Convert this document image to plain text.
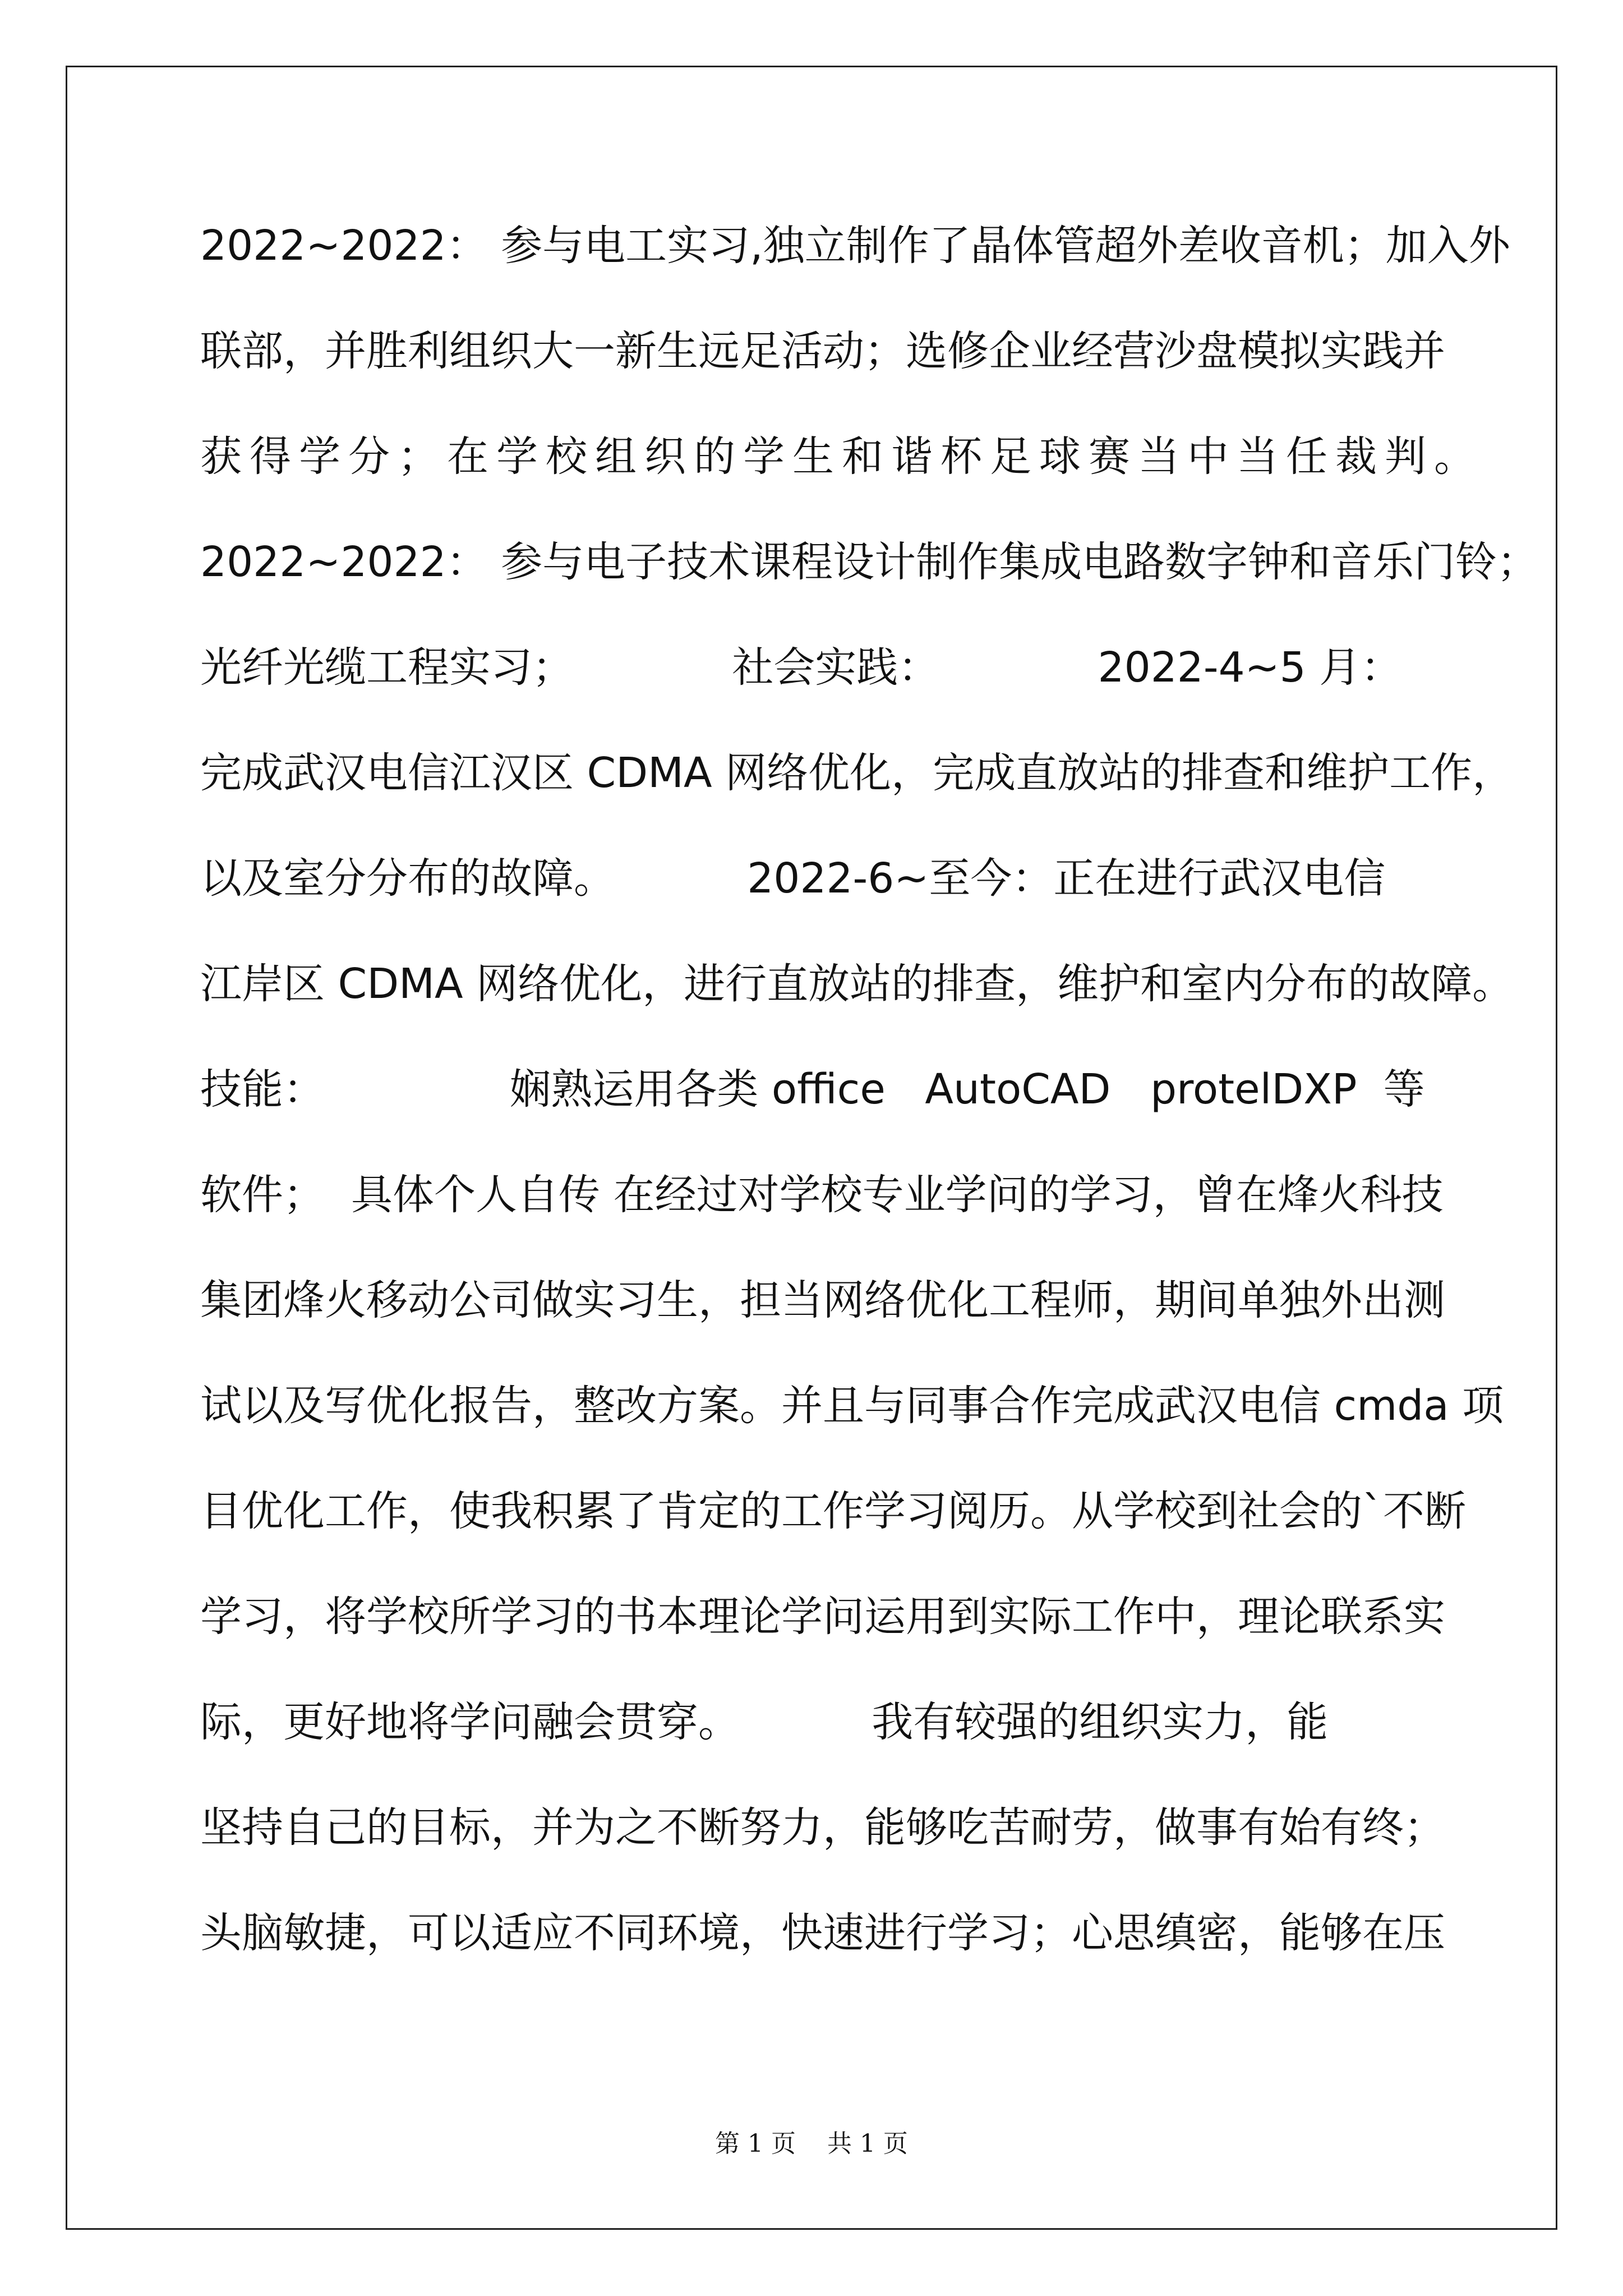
2022~2022： 参与电工实习,独立制作了晶体管超外差收音机；加入外
联部，并胜利组织大一新生远足活动；选修企业经营沙盘模拟实践并
获得学分；在学校组织的学生和谐杯足球赛当中当任裁判。
2022~2022： 参与电子技术课程设计制作集成电路数字钟和音乐门铃；
光纤光缆工程实习；            社会实践：            2022-4~5 月：
完成武汉电信江汉区 CDMA 网络优化，完成直放站的排查和维护工作，
以及室分分布的故障。          2022-6~至今：正在进行武汉电信
江岸区 CDMA 网络优化，进行直放站的排查，维护和室内分布的故障。
技能：              娴熟运用各类 office   AutoCAD   protelDXP  等
软件；  具体个人自传 在经过对学校专业学问的学习，曾在烽火科技
集团烽火移动公司做实习生，担当网络优化工程师，期间单独外出测
试以及写优化报告，整改方案。并且与同事合作完成武汉电信 cmda 项
目优化工作，使我积累了肯定的工作学习阅历。从学校到社会的`不断
学习，将学校所学习的书本理论学问运用到实际工作中，理论联系实
际，更好地将学问融会贯穿。          我有较强的组织实力，能
坚持自己的目标，并为之不断努力，能够吃苦耐劳，做事有始有终；
头脑敏捷，可以适应不同环境，快速进行学习；心思缜密，能够在压
第 1 页    共 1 页
